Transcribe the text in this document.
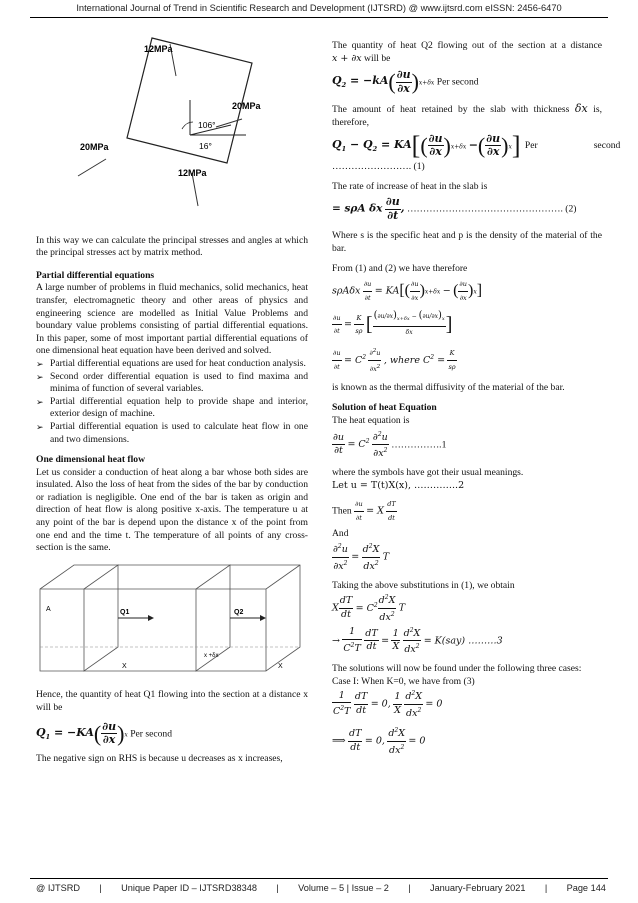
International Journal of Trend in Scientific Research and Development (IJTSRD) @ www.ijtsrd.com eISSN: 2456-6470
12MPa
20MPa
20MPa
12MPa
106°
16°

In this way we can calculate the principal stresses and angles at which the principal stresses act by matrix method.

Partial differential equations

A large number of problems in fluid mechanics, solid mechanics, heat transfer, electromagnetic theory and other areas of physics and engineering science are modelled as Initial Value Problems and boundary value problems consisting of partial differential equations. In this paper, some of most important partial differential equations of one dimensional heat equation have been derived and solved.

➢ Partial differential equations are used for heat conduction analysis.
➢ Second order differential equation is used to find maxima and minima of function of several variables.
➢ Partial differential equation help to provide shape and interior, exterior design of machine.
➢ Partial differential equation is used to calculate heat flow in one and two dimensions.
One dimensional heat flow

Let us consider a conduction of heat along a bar whose both sides are insulated. Also the loss of heat from the sides of the bar by conduction or radiation is negligible. One end of the bar is taken as origin and direction of heat flow is along positive x-axis. The temperature u at any point of the bar is depend upon the distance x of the point from one end and the time t. The temperature of all points of any cross-section is the same.

A	Q1	Q2
X	X
x +δx

Hence, the quantity of heat Q1 flowing into the section at a distance x will be

$Q_1 = -KA( \frac{\partial u}{\partial x} )x$ Per second

The negative sign on RHS is because u decreases as x increases,

The quantity of heat Q2 flowing out of the section at a distance x + ∂x will be

$Q_2 = -kA( \frac{\partial u}{\partial x} )x+\delta x$ Per second

The amount of heat retained by the slab with thickness δx is, therefore,

$Q_1 - Q_2 = KA[( \frac{\partial u}{\partial x} )x+\delta x$ −( $\frac{\partial u}{\partial x} )x$] Per	second

……………………. (1)

The rate of increase of heat in the slab is

= sρA δx $\frac{\partial u}{\partial t}$ , …………………………………………. (2)

Where s is the specific heat and p is the density of the material of the bar.

From (1) and (2) we have therefore

sρAδx $\frac{\partial u}{\partial t} = KA[( \frac{\partial u}{\partial x} )x+\delta x$ − ( $\frac{\partial u}{\partial x} )x$]
$\frac{\partial u}{\partial t} = \frac{K}{s\rho}$ [ $\frac{(\partial u/\partial x)_{x+\delta x} - (\partial u/\partial x)_x}{\delta x}$ ]
$\frac{\partial u}{\partial t} = C^2 \frac{\partial^2u}{\partial x^2}$ , where $C^2 = \frac{K}{s\rho}$

is known as the thermal diffusivity of the material of the bar.

Solution of heat Equation

The heat equation is

$\frac{\partial u}{\partial t} = C^2 \frac{\partial^2u}{\partial x^2}$ …………….1

where the symbols have got their usual meanings.

Let u = T(t)X(x), …………..2

Then $\frac{\partial u}{\partial t} = X \frac{dT}{dt}$
And
$\frac{\partial^2u}{\partial x^2} = \frac{d^2X}{dx^2}$ T

Taking the above substitutions in (1), we obtain

X $\frac{dT}{dt} = C^2 \frac{d^2X}{dx^2}$ T
→ $\frac{1}{C^2T}$
$\frac{dT}{dt} = \frac{1}{X}$
$\frac{d^2X}{dx^2} = K(say)$ ………3

The solutions will now be found under the following three cases:

Case I: When K=0, we have from (3)

$\frac{1}{C^2T}$
$\frac{dT}{dt} = 0$, $\frac{1}{X}$
$\frac{d^2X}{dx^2} = 0$
⟹ $\frac{dT}{dt} = 0$, $\frac{d^2X}{dx^2} = 0$
@ IJTSRD | Unique Paper ID – IJTSRD38348 | Volume – 5 | Issue – 2 | January-February 2021 | Page 144
